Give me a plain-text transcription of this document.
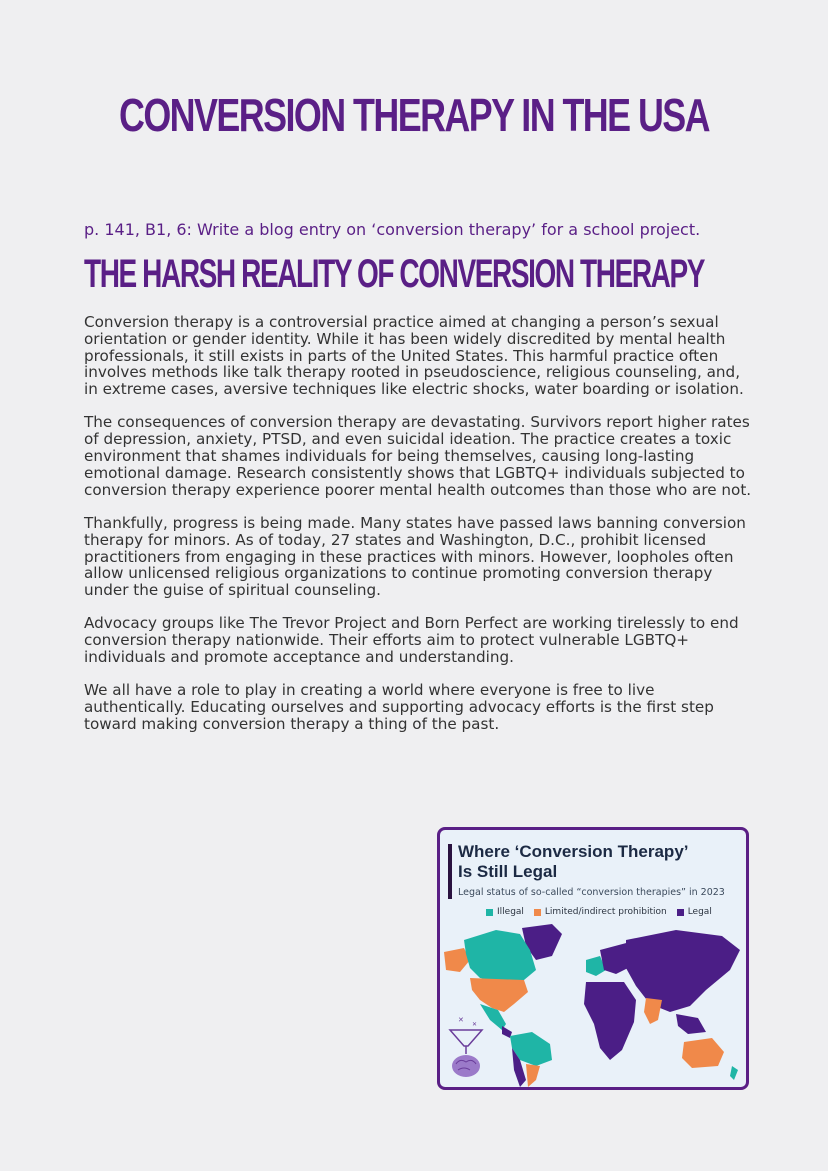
CONVERSION THERAPY IN THE USA

p. 141, B1, 6: Write a blog entry on ‘conversion therapy’ for a school project.

THE HARSH REALITY OF CONVERSION THERAPY

Conversion therapy is a controversial practice aimed at changing a person’s sexual orientation or gender identity. While it has been widely discredited by mental health professionals, it still exists in parts of the United States. This harmful practice often involves methods like talk therapy rooted in pseudoscience, religious counseling, and, in extreme cases, aversive techniques like electric shocks, water boarding or isolation.

The consequences of conversion therapy are devastating. Survivors report higher rates of depression, anxiety, PTSD, and even suicidal ideation. The practice creates a toxic environment that shames individuals for being themselves, causing long-lasting emotional damage. Research consistently shows that LGBTQ+ individuals subjected to conversion therapy experience poorer mental health outcomes than those who are not.

Thankfully, progress is being made. Many states have passed laws banning conversion therapy for minors. As of today, 27 states and Washington, D.C., prohibit licensed practitioners from engaging in these practices with minors. However, loopholes often allow unlicensed religious organizations to continue promoting conversion therapy under the guise of spiritual counseling.

Advocacy groups like The Trevor Project and Born Perfect are working tirelessly to end conversion therapy nationwide. Their efforts aim to protect vulnerable LGBTQ+ individuals and promote acceptance and understanding.

We all have a role to play in creating a world where everyone is free to live authentically. Educating ourselves and supporting advocacy efforts is the first step toward making conversion therapy a thing of the past.

Where ‘Conversion Therapy’
Is Still Legal
Legal status of so-called “conversion therapies” in 2023
Illegal Limited/indirect prohibition Legal
✕
✕
